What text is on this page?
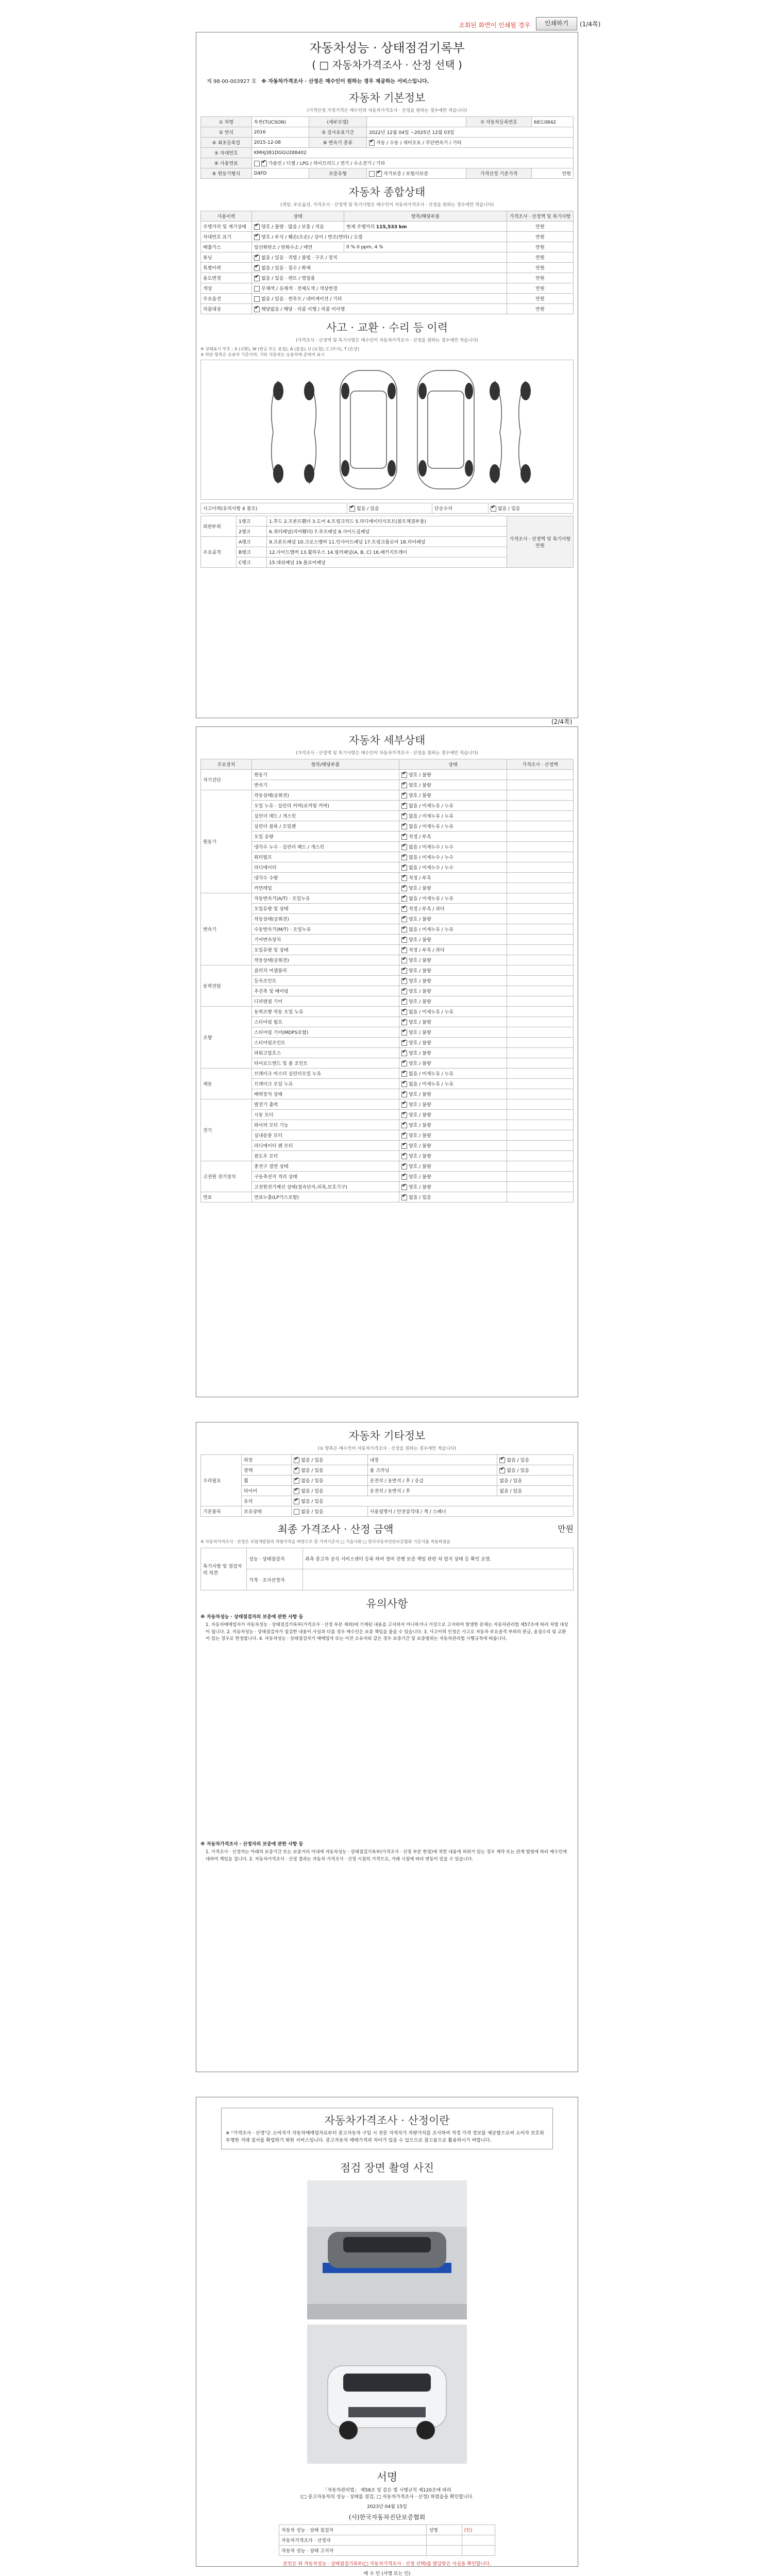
조회된 화면이 인쇄될 경우	인쇄하기	(1/4쪽)
자동차성능 · 상태점검기록부
( □ 자동차가격조사 · 산정 선택 )
제 98-00-003927 호 ※ 자동차가격조사 · 산정은 매수인이 원하는 경우 제공하는 서비스입니다.
자동차 기본정보
(가격산정 가정가격은 매수인의 자동차가격조사 · 산정을 원하는 경우에만 적습니다)
① 차명	투싼(TUCSON)	(세부모델)		⑦ 자동차등록번호	68도0842
② 연식	2016	③ 검사유효기간	2022년 12월 04일 ~2025년 12월 03일		
④ 최초등록일	2015-12-08	⑧ 변속기 종류	✔자동 / 수동 / 세미오토 / 무단변속기 / 기타
⑤ 차대번호	KMHJ381DGGU288402				
⑥ 사용연료	✔가솔린 / 디젤 / LPG / 하이브리드 / 전기 / 수소전기 / 기타
⑥ 원동기형식	D4FD	보증유형	✔자가보증 / 보험사보증	가격산정 기준가격	만원
자동차 종합상태
(색상, 주요옵션, 가격조사 · 산정액 및 특기사항은 매수인이 자동차가격조사 · 산정을 원하는 경우에만 적습니다)
사용이력	상태	항목/해당부품	가격조사 · 산정액 및 특기사항
주행거리 및 계기상태	✔양호 / 불량 · 많음 / 보통 / 적음	현재 주행거리 115,533 km	만원
차대번호 표기	✔양호 / 부식 / 훼손(오손) / 상이 / 변조(변타) / 도말		만원
배출가스	일산화탄소 / 탄화수소 / 매연	0 % 0 ppm, 4 %	만원
튜닝	✔없음 / 있음 · 적법 / 불법 · 구조 / 장치		만원
특별이력	✔없음 / 있음 · 침수 / 화재		만원
용도변경	✔없음 / 있음 · 렌트 / 영업용		만원
색상	무채색 / 유채색 · 전체도색 / 색상변경		만원
주요옵션	없음 / 있음 · 썬루프 / 네비게이션 / 기타		만원
리콜대상	✔해당없음 / 해당 · 리콜 이행 / 리콜 미이행		만원
사고 · 교환 · 수리 등 이력
(가격조사 · 산정액 및 특기사항은 매수인이 자동차가격조사 · 산정을 원하는 경우에만 적습니다)
※ 상태표시 부호 : X (교환), W (판금 또는 용접), A (흠집), U (요철), C (부식), T (손상)
※ 하단 항목은 승용차 기준이며, 기타 자동차는 승용차에 준하여 표시
사고이력(유의사항 4 참조)	✔없음 / 있음	단순수리	✔없음 / 있음
외판부위	1랭크	1.후드 2.프론트휀더 3.도어 4.트렁크리드 5.라디에이터서포트(볼트체결부품)	가격조사 · 산정액 및 특기사항
만원

	2랭크	6.쿼터패널(리어휀더) 7.루프패널 8.사이드실패널	
주요골격	A랭크	9.프론트패널 10.크로스멤버 11.인사이드패널 17.트렁크플로어 18.리어패널	
	B랭크	12.사이드멤버 13.휠하우스 14.필러패널(A, B, C) 16.패키지트레이	
	C랭크	15.대쉬패널 19.플로어패널	
(2/4쪽)
자동차 세부상태
(가격조사 · 산정액 및 특기사항은 매수인이 자동차가격조사 · 산정을 원하는 경우에만 적습니다)
주요장치	항목/해당부품	상태	가격조사 · 산정액
자기진단	원동기	✔양호 / 불량	
	변속기	✔양호 / 불량	
원동기	작동상태(공회전)	✔양호 / 불량	
	오일 누유 · 실린더 커버(로커암 커버)	✔없음 / 미세누유 / 누유	
	실린더 헤드 / 개스킷	✔없음 / 미세누유 / 누유	
	실린더 블록 / 오일팬	✔없음 / 미세누유 / 누유	
	오일 유량	✔적정 / 부족	
	냉각수 누수 · 실린더 헤드 / 개스킷	✔없음 / 미세누수 / 누수	
	워터펌프	✔없음 / 미세누수 / 누수	
	라디에이터	✔없음 / 미세누수 / 누수	
	냉각수 수량	✔적정 / 부족	
	커먼레일	✔양호 / 불량	
변속기	자동변속기(A/T) · 오일누유	✔없음 / 미세누유 / 누유	
	오일유량 및 상태	✔적정 / 부족 / 과다	
	작동상태(공회전)	✔양호 / 불량	
	수동변속기(M/T) · 오일누유	✔없음 / 미세누유 / 누유	
	기어변속장치	✔양호 / 불량	
	오일유량 및 상태	✔적정 / 부족 / 과다	
	작동상태(공회전)	✔양호 / 불량	
동력전달	클러치 어셈블리	✔양호 / 불량	
	등속조인트	✔양호 / 불량	
	추진축 및 베어링	✔양호 / 불량	
	디퍼렌셜 기어	✔양호 / 불량	
조향	동력조향 작동 오일 누유	✔없음 / 미세누유 / 누유	
	스티어링 펌프	✔양호 / 불량	
	스티어링 기어(MDPS포함)	✔양호 / 불량	
	스티어링조인트	✔양호 / 불량	
	파워고압호스	✔양호 / 불량	
	타이로드엔드 및 볼 조인트	✔양호 / 불량	
제동	브레이크 마스터 실린더오일 누유	✔없음 / 미세누유 / 누유	
	브레이크 오일 누유	✔없음 / 미세누유 / 누유	
	배력장치 상태	✔양호 / 불량	
전기	발전기 출력	✔양호 / 불량	
	시동 모터	✔양호 / 불량	
	와이퍼 모터 기능	✔양호 / 불량	
	실내송풍 모터	✔양호 / 불량	
	라디에이터 팬 모터	✔양호 / 불량	
	윈도우 모터	✔양호 / 불량	
고전원 전기장치	충전구 절연 상태	✔양호 / 불량	
	구동축전지 격리 상태	✔양호 / 불량	
	고전원전기배선 상태(접속단자,피복,보호기구)	✔양호 / 불량	
연료	연료누출(LP가스포함)	✔없음 / 있음	
자동차 기타정보
(① 항목은 매수인이 자동차가격조사 · 산정을 원하는 경우에만 적습니다)
수리필요	외장	✔없음 / 있음	내장	✔없음 / 있음
	광택	✔없음 / 있음	룸 크리닝	✔없음 / 있음
	휠	✔없음 / 있음	운전석 / 동반석 / 후 / 응급	없음 / 있음
	타이어	✔없음 / 있음	운전석 / 동반석 / 후	없음 / 있음
	유리	✔없음 / 있음
기본품목	보유상태	없음 / 있음	사용설명서 / 안전삼각대 / 잭 / 스패너	
최종 가격조사 · 산정 금액	만원
※ 자동차가격조사 · 산정은 보험개발원의 차량가격을 바탕으로 한 가격기준서 □ 기술사회 □ 한국자동차진단보증협회 기준서를 적용하였음
특기사항 및 점검자의 의견	성능 · 상태점검자	좌측 중고차 공식 서비스센터 등록 하여 정비 진행 보증 책임 관련 처 엄지 상태 등 확인 요망.
	가격 · 조사산정자	
유의사항
※ 자동차성능 · 상태점검자의 보증에 관한 사항 등
1. 자동차매매업자가 자동차성능 · 상태점검기록부(가격조사 · 산정 부분 제외)에 기재된 내용을 고지하지 아니하거나 거짓으로 고지하여 발생한 문제는 자동차관리법 제57조에 따라 처벌 대상이 됩니다. 2. 자동차성능 · 상태점검자가 점검한 내용이 사실과 다를 경우 매수인은 보증 책임을 물을 수 있습니다. 3. 사고이력 인정은 사고로 자동차 주요골격 부위의 판금, 용접수리 및 교환이 있는 경우로 한정합니다. 4. 자동차성능 · 상태점검자가 매매업자 또는 이전 소유자와 같은 경우 보증기간 및 보증범위는 자동차관리법 시행규칙에 따릅니다.
※ 자동차가격조사 · 산정자의 보증에 관한 사항 등
1. 가격조사 · 산정자는 아래의 보증기간 또는 보증거리 이내에 자동차성능 · 상태점검기록부(가격조사 · 산정 부분 한정)에 적힌 내용에 허위가 있는 경우 계약 또는 관계 법령에 따라 매수인에 대하여 책임을 집니다. 2. 자동차가격조사 · 산정 결과는 자동차 가격조사 · 산정 시점의 가격으로, 거래 시점에 따라 변동이 있을 수 있습니다.
자동차가격조사 · 산정이란
※ "가격조사 · 산정"은 소비자가 자동차매매업자로부터 중고자동차 구입 시 전문 자격자가 차량가치를 조사하여 적정 가격 정보를 제공함으로써 소비자 보호와 투명한 거래 질서를 확립하기 위한 서비스입니다. 중고자동차 매매가격과 차이가 있을 수 있으므로 참고용으로 활용하시기 바랍니다.
점검 장면 촬영 사진
서명
「자동차관리법」 제58조 및 같은 법 시행규칙 제120조에 따라
(□ 중고자동차의 성능 · 상태를 점검, □ 자동차가격조사 · 산정) 하였음을 확인합니다.
2023년 04월 15일
(사)한국자동차진단보증협회
자동차 성능 · 상태 점검자	성명	(인)
자동차가격조사 · 산정자		
자동차 성능 · 상태 고지자		
본인은 위 자동차성능 · 상태점검기록부(□ 자동차가격조사 · 산정 선택)를 발급받은 사실을 확인합니다.
매 수 인 (서명 또는 인)
